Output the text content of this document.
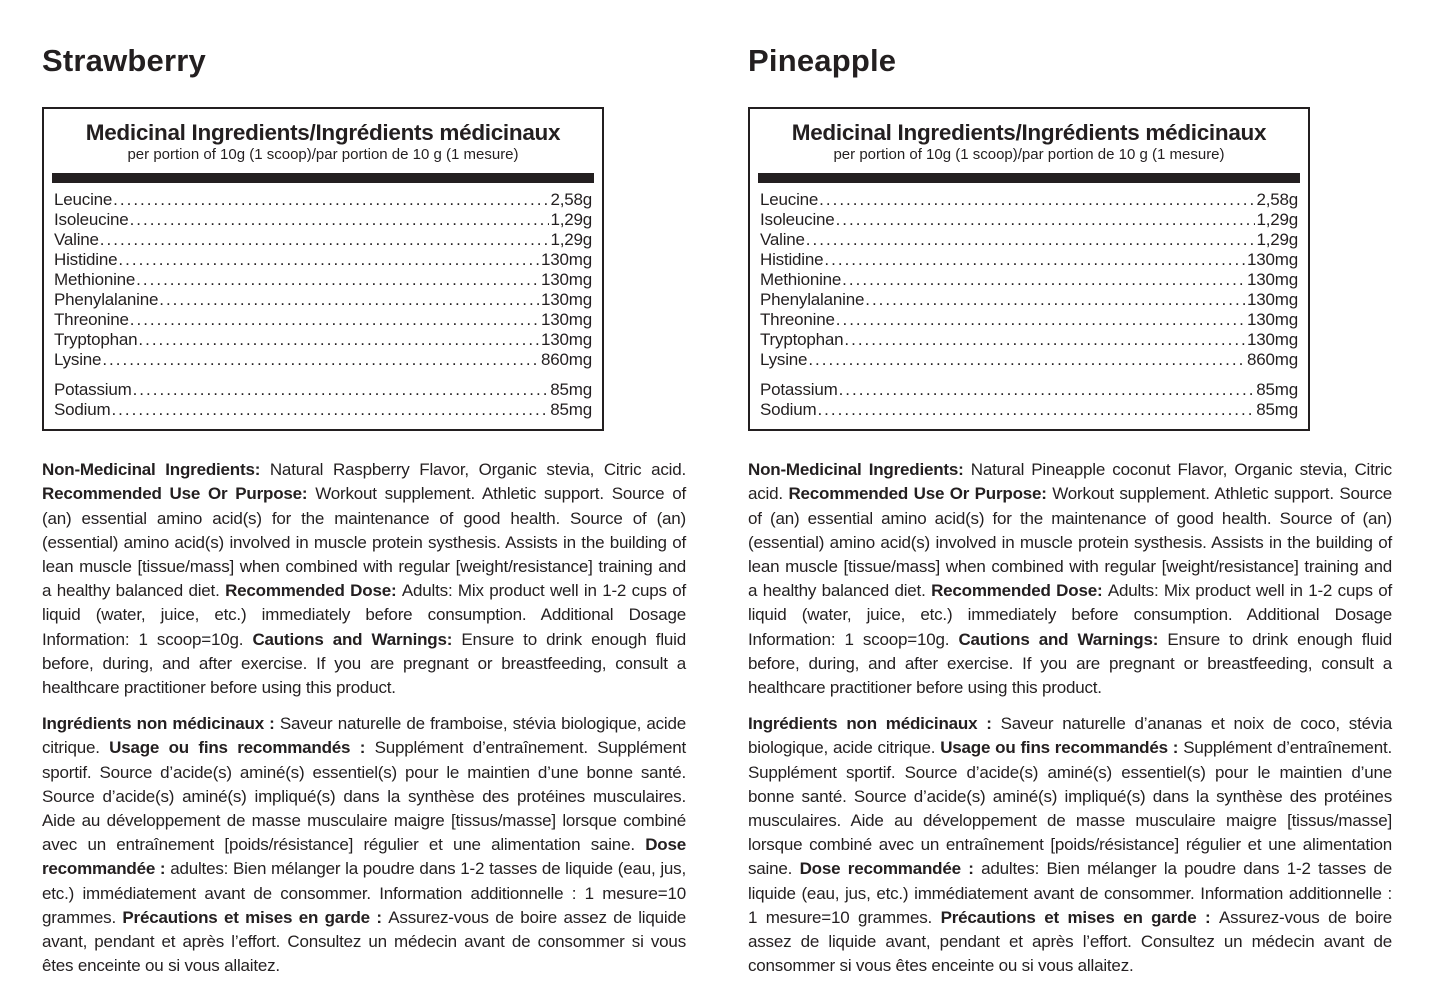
Strawberry
Medicinal Ingredients/Ingrédients médicinaux
per portion of 10g (1 scoop)/par portion de 10 g (1 mesure)
Leucine .....	2,58g
Isoleucine .....	1,29g
Valine .....	1,29g
Histidine .....	130mg
Methionine .....	130mg
Phenylalanine .....	130mg
Threonine .....	130mg
Tryptophan .....	130mg
Lysine .....	860mg
Potassium .....	85mg
Sodium .....	85mg

Non-Medicinal Ingredients: Natural Raspberry Flavor, Organic stevia, Citric acid. Recommended Use Or Purpose: Workout supplement. Athletic support. Source of (an) essential amino acid(s) for the maintenance of good health. Source of (an) (essential) amino acid(s) involved in muscle protein systhesis. Assists in the building of lean muscle [tissue/mass] when combined with regular [weight/resistance] training and a healthy balanced diet. Recommended Dose: Adults: Mix product well in 1-2 cups of liquid (water, juice, etc.) immediately before consumption. Additional Dosage Information: 1 scoop=10g. Cautions and Warnings: Ensure to drink enough fluid before, during, and after exercise. If you are pregnant or breastfeeding, consult a healthcare practitioner before using this product.

Ingrédients non médicinaux : Saveur naturelle de framboise, stévia biologique, acide citrique. Usage ou fins recommandés : Supplément d’entraînement. Supplément sportif. Source d’acide(s) aminé(s) essentiel(s) pour le maintien d’une bonne santé. Source d’acide(s) aminé(s) impliqué(s) dans la synthèse des protéines musculaires. Aide au développement de masse musculaire maigre [tissus/masse] lorsque combiné avec un entraînement [poids/résistance] régulier et une alimentation saine. Dose recommandée : adultes: Bien mélanger la poudre dans 1-2 tasses de liquide (eau, jus, etc.) immédiatement avant de consommer. Information additionnelle : 1 mesure=10 grammes. Précautions et mises en garde : Assurez-vous de boire assez de liquide avant, pendant et après l’effort. Consultez un médecin avant de consommer si vous êtes enceinte ou si vous allaitez.

Pineapple
Medicinal Ingredients/Ingrédients médicinaux
per portion of 10g (1 scoop)/par portion de 10 g (1 mesure)
Leucine .....	2,58g
Isoleucine .....	1,29g
Valine .....	1,29g
Histidine .....	130mg
Methionine .....	130mg
Phenylalanine .....	130mg
Threonine .....	130mg
Tryptophan .....	130mg
Lysine .....	860mg
Potassium .....	85mg
Sodium .....	85mg

Non-Medicinal Ingredients: Natural Pineapple coconut Flavor, Organic stevia, Citric acid. Recommended Use Or Purpose: Workout supplement. Athletic support. Source of (an) essential amino acid(s) for the maintenance of good health. Source of (an) (essential) amino acid(s) involved in muscle protein systhesis. Assists in the building of lean muscle [tissue/mass] when combined with regular [weight/resistance] training and a healthy balanced diet. Recommended Dose: Adults: Mix product well in 1-2 cups of liquid (water, juice, etc.) immediately before consumption. Additional Dosage Information: 1 scoop=10g. Cautions and Warnings: Ensure to drink enough fluid before, during, and after exercise. If you are pregnant or breastfeeding, consult a healthcare practitioner before using this product.

Ingrédients non médicinaux : Saveur naturelle d’ananas et noix de coco, stévia biologique, acide citrique. Usage ou fins recommandés : Supplément d’entraînement. Supplément sportif. Source d’acide(s) aminé(s) essentiel(s) pour le maintien d’une bonne santé. Source d’acide(s) aminé(s) impliqué(s) dans la synthèse des protéines musculaires. Aide au développement de masse musculaire maigre [tissus/masse] lorsque combiné avec un entraînement [poids/résistance] régulier et une alimentation saine. Dose recommandée : adultes: Bien mélanger la poudre dans 1-2 tasses de liquide (eau, jus, etc.) immédiatement avant de consommer. Information additionnelle : 1 mesure=10 grammes. Précautions et mises en garde : Assurez-vous de boire assez de liquide avant, pendant et après l’effort. Consultez un médecin avant de consommer si vous êtes enceinte ou si vous allaitez.
